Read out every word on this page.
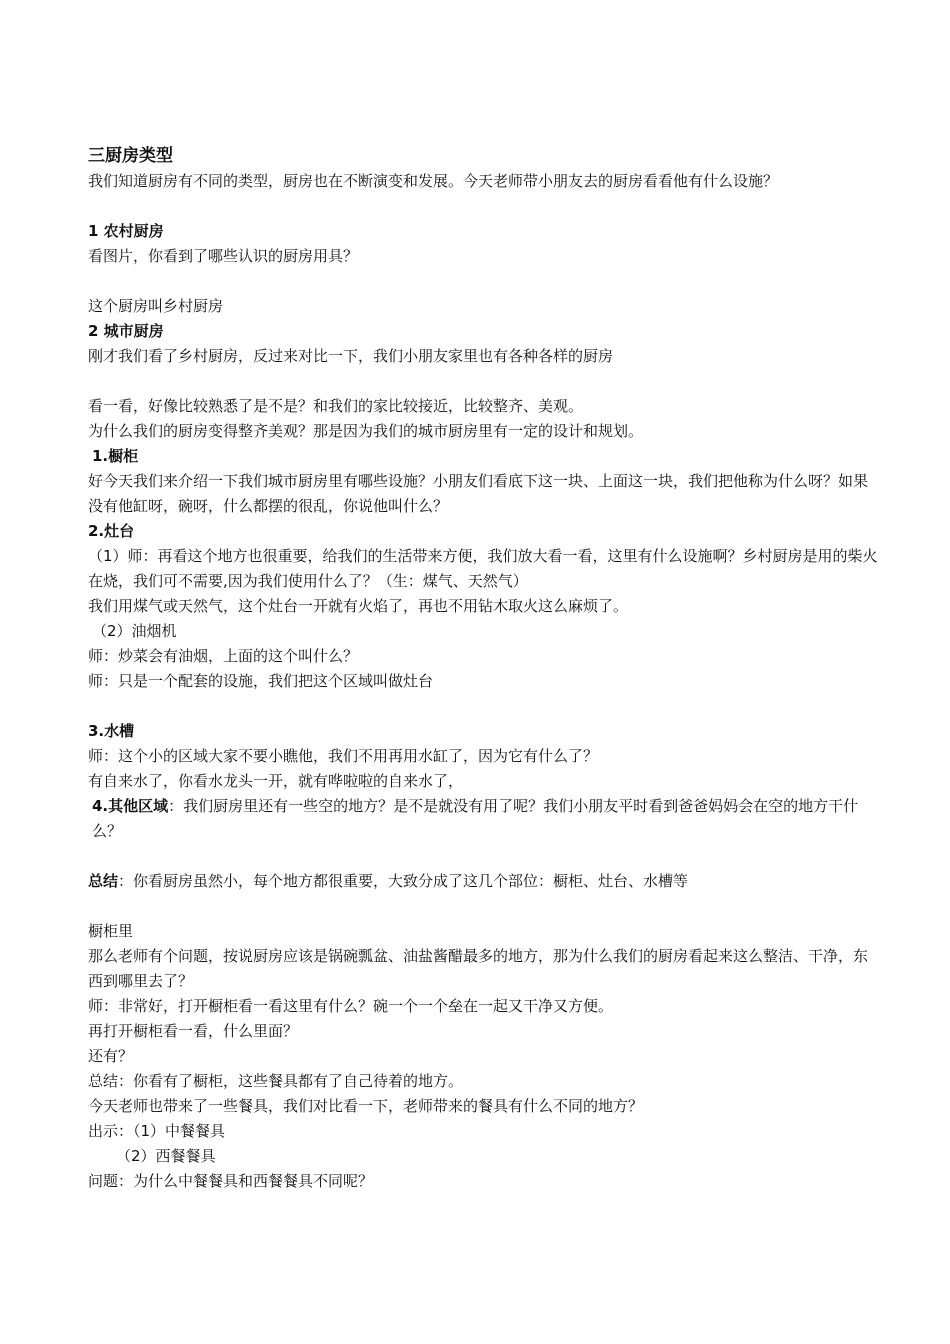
三厨房类型

我们知道厨房有不同的类型，厨房也在不断演变和发展。今天老师带小朋友去的厨房看看他有什么设施？

1 农村厨房

看图片，你看到了哪些认识的厨房用具？

这个厨房叫乡村厨房

2 城市厨房

刚才我们看了乡村厨房，反过来对比一下，我们小朋友家里也有各种各样的厨房

看一看，好像比较熟悉了是不是？和我们的家比较接近，比较整齐、美观。

为什么我们的厨房变得整齐美观？那是因为我们的城市厨房里有一定的设计和规划。

1.橱柜

好今天我们来介绍一下我们城市厨房里有哪些设施？小朋友们看底下这一块、上面这一块，我们把他称为什么呀？如果没有他缸呀，碗呀，什么都摆的很乱，你说他叫什么？

2.灶台

（1）师：再看这个地方也很重要，给我们的生活带来方便，我们放大看一看，这里有什么设施啊？乡村厨房是用的柴火在烧，我们可不需要,因为我们使用什么了？（生：煤气、天然气）

我们用煤气或天然气，这个灶台一开就有火焰了，再也不用钻木取火这么麻烦了。

（2）油烟机

师：炒菜会有油烟，上面的这个叫什么？

师：只是一个配套的设施，我们把这个区域叫做灶台

3.水槽

师：这个小的区域大家不要小瞧他，我们不用再用水缸了，因为它有什么了？

有自来水了，你看水龙头一开，就有哗啦啦的自来水了，

4.其他区域：我们厨房里还有一些空的地方？是不是就没有用了呢？我们小朋友平时看到爸爸妈妈会在空的地方干什么？

总结：你看厨房虽然小，每个地方都很重要，大致分成了这几个部位：橱柜、灶台、水槽等

橱柜里

那么老师有个问题，按说厨房应该是锅碗瓢盆、油盐酱醋最多的地方，那为什么我们的厨房看起来这么整洁、干净，东西到哪里去了？

师：非常好，打开橱柜看一看这里有什么？碗一个一个垒在一起又干净又方便。

再打开橱柜看一看，什么里面？

还有？

总结：你看有了橱柜，这些餐具都有了自己待着的地方。

今天老师也带来了一些餐具，我们对比看一下，老师带来的餐具有什么不同的地方？

出示：（1）中餐餐具

（2）西餐餐具

问题：为什么中餐餐具和西餐餐具不同呢？
